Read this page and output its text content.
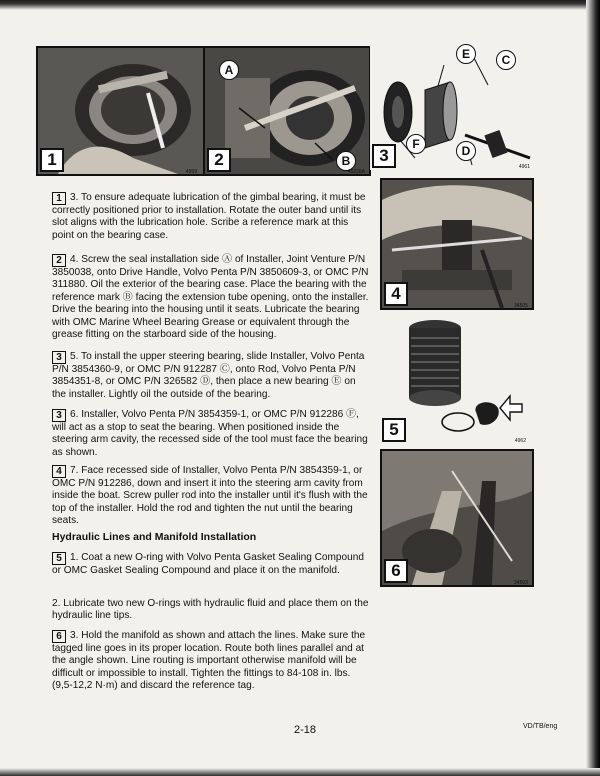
1
4959
A
B
2
45228A
E	C
F	D
3
4961
4
34505
5
4962
6
34503

1 3. To ensure adequate lubrication of the gimbal bearing, it must be correctly positioned prior to installation. Rotate the outer band until its slot aligns with the lubrication hole. Scribe a reference mark at this point on the bearing case.

2 4. Screw the seal installation side Ⓐ of Installer, Joint Venture P/N 3850038, onto Drive Handle, Volvo Penta P/N 3850609-3, or OMC P/N 311880. Oil the exterior of the bearing case. Place the bearing with the reference mark Ⓑ facing the extension tube opening, onto the installer. Drive the bearing into the housing until it seats. Lubricate the bearing with OMC Marine Wheel Bearing Grease or equivalent through the grease fitting on the starboard side of the housing.

3 5. To install the upper steering bearing, slide Installer, Volvo Penta P/N 3854360-9, or OMC P/N 912287 Ⓒ, onto Rod, Volvo Penta P/N 3854351-8, or OMC P/N 326582 Ⓓ, then place a new bearing Ⓔ on the installer. Lightly oil the outside of the bearing.

3 6. Installer, Volvo Penta P/N 3854359-1, or OMC P/N 912286 Ⓕ, will act as a stop to seat the bearing. When positioned inside the steering arm cavity, the recessed side of the tool must face the bearing as shown.

4 7. Face recessed side of Installer, Volvo Penta P/N 3854359-1, or OMC P/N 912286, down and insert it into the steering arm cavity from inside the boat. Screw puller rod into the installer until it's flush with the top of the installer. Hold the rod and tighten the nut until the bearing seats.

Hydraulic Lines and Manifold Installation

5 1. Coat a new O-ring with Volvo Penta Gasket Sealing Compound or OMC Gasket Sealing Compound and place it on the manifold.

2. Lubricate two new O-rings with hydraulic fluid and place them on the hydraulic line tips.

6 3. Hold the manifold as shown and attach the lines. Make sure the tagged line goes in its proper location. Route both lines parallel and at the angle shown. Line routing is important otherwise manifold will be difficult or impossible to install. Tighten the fittings to 84-108 in. lbs. (9,5-12,2 N·m) and discard the reference tag.

2-18	VD/TB/eng
